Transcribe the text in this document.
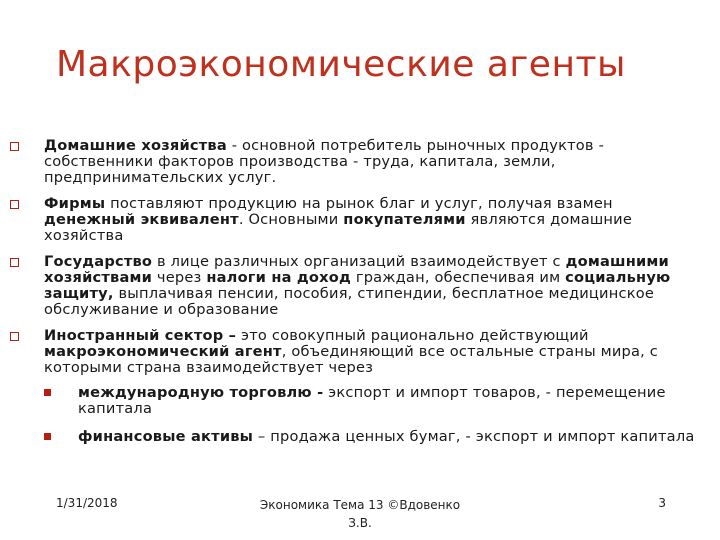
Макроэкономические агенты
Домашние хозяйства - основной потребитель рыночных продуктов - собственники факторов производства - труда, капитала, земли, предпринимательских услуг.
Фирмы поставляют продукцию на рынок благ и услуг, получая взамен денежный эквивалент. Основными покупателями являются домашние хозяйства
Государство в лице различных организаций взаимодействует с домашними хозяйствами через налоги на доход граждан, обеспечивая им социальную защиту, выплачивая пенсии, пособия, стипендии, бесплатное медицинское обслуживание и образование
Иностранный сектор – это совокупный рационально действующий макроэкономический агент, объединяющий все остальные страны мира, с которыми страна взаимодействует через
международную торговлю - экспорт и импорт товаров, - перемещение капитала
финансовые активы – продажа ценных бумаг, - экспорт и импорт капитала
1/31/2018	Экономика Тема 13 ©Вдовенко
З.В.
3
